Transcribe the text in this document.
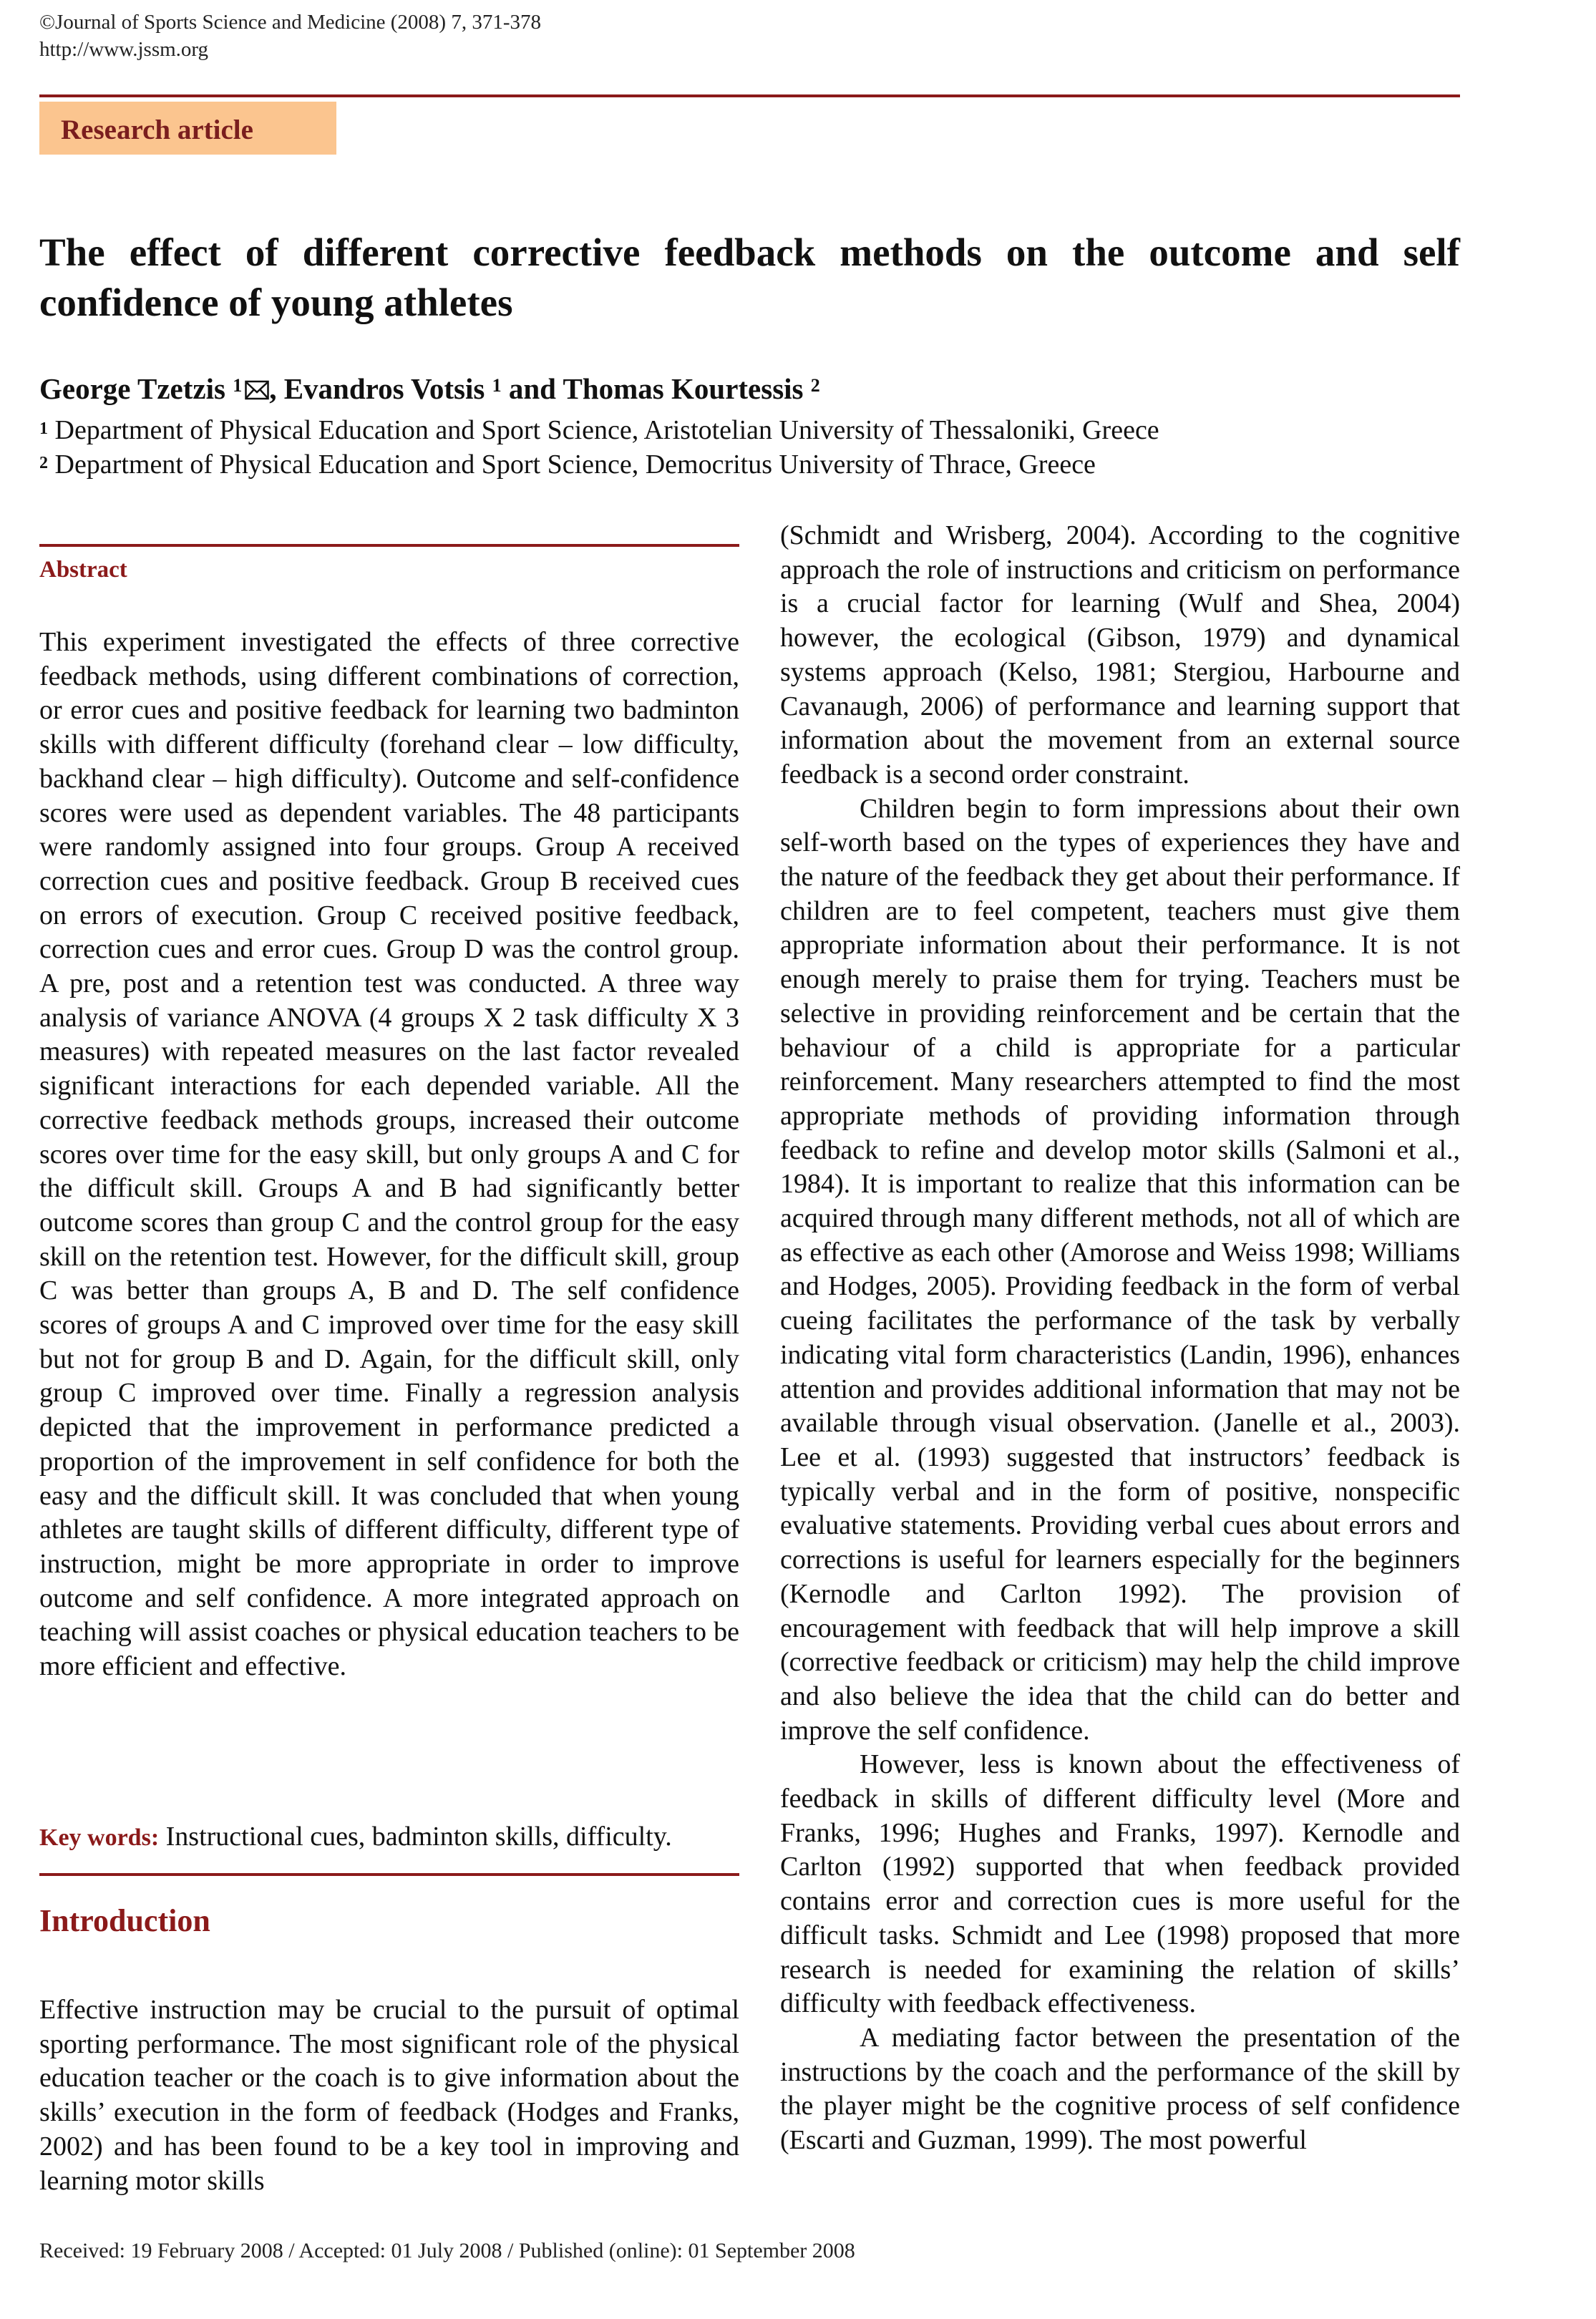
©Journal of Sports Science and Medicine (2008) 7, 371-378
http://www.jssm.org
Research article
The effect of different corrective feedback methods on the outcome and self confidence of young athletes
George Tzetzis $^1$ , Evandros Votsis $^1$ and Thomas Kourtessis $^2$
$^1$ Department of Physical Education and Sport Science, Aristotelian University of Thessaloniki, Greece
$^2$ Department of Physical Education and Sport Science, Democritus University of Thrace, Greece
Abstract
This experiment investigated the effects of three corrective feedback methods, using different combinations of correction, or error cues and positive feedback for learning two badminton skills with different difficulty (forehand clear – low difficulty, backhand clear – high difficulty). Outcome and self-confidence scores were used as dependent variables. The 48 participants were randomly assigned into four groups. Group A received correction cues and positive feedback. Group B received cues on errors of execution. Group C received positive feedback, correction cues and error cues. Group D was the control group. A pre, post and a retention test was conducted. A three way analysis of variance ANOVA (4 groups X 2 task difficulty X 3 measures) with repeated measures on the last factor revealed significant interactions for each depended variable. All the corrective feedback methods groups, increased their outcome scores over time for the easy skill, but only groups A and C for the difficult skill. Groups A and B had significantly better outcome scores than group C and the control group for the easy skill on the retention test. However, for the difficult skill, group C was better than groups A, B and D. The self confidence scores of groups A and C improved over time for the easy skill but not for group B and D. Again, for the difficult skill, only group C improved over time. Finally a regression analysis depicted that the improvement in performance predicted a proportion of the improvement in self confidence for both the easy and the difficult skill. It was concluded that when young athletes are taught skills of different difficulty, different type of instruction, might be more appropriate in order to improve outcome and self confidence. A more integrated approach on teaching will assist coaches or physical education teachers to be more efficient and effective.
Key words: Instructional cues, badminton skills, difficulty.
Introduction
Effective instruction may be crucial to the pursuit of optimal sporting performance. The most significant role of the physical education teacher or the coach is to give information about the skills’ execution in the form of feedback (Hodges and Franks, 2002) and has been found to be a key tool in improving and learning motor skills

(Schmidt and Wrisberg, 2004). According to the cognitive approach the role of instructions and criticism on performance is a crucial factor for learning (Wulf and Shea, 2004) however, the ecological (Gibson, 1979) and dynamical systems approach (Kelso, 1981; Stergiou, Harbourne and Cavanaugh, 2006) of performance and learning support that information about the movement from an external source feedback is a second order constraint.

Children begin to form impressions about their own self-worth based on the types of experiences they have and the nature of the feedback they get about their performance. If children are to feel competent, teachers must give them appropriate information about their performance. It is not enough merely to praise them for trying. Teachers must be selective in providing reinforcement and be certain that the behaviour of a child is appropriate for a particular reinforcement. Many researchers attempted to find the most appropriate methods of providing information through feedback to refine and develop motor skills (Salmoni et al., 1984). It is important to realize that this information can be acquired through many different methods, not all of which are as effective as each other (Amorose and Weiss 1998; Williams and Hodges, 2005). Providing feedback in the form of verbal cueing facilitates the performance of the task by verbally indicating vital form characteristics (Landin, 1996), enhances attention and provides additional information that may not be available through visual observation. (Janelle et al., 2003). Lee et al. (1993) suggested that instructors’ feedback is typically verbal and in the form of positive, nonspecific evaluative statements. Providing verbal cues about errors and corrections is useful for learners especially for the beginners (Kernodle and Carlton 1992). The provision of encouragement with feedback that will help improve a skill (corrective feedback or criticism) may help the child improve and also believe the idea that the child can do better and improve the self confidence.

However, less is known about the effectiveness of feedback in skills of different difficulty level (More and Franks, 1996; Hughes and Franks, 1997). Kernodle and Carlton (1992) supported that when feedback provided contains error and correction cues is more useful for the difficult tasks. Schmidt and Lee (1998) proposed that more research is needed for examining the relation of skills’ difficulty with feedback effectiveness.

A mediating factor between the presentation of the instructions by the coach and the performance of the skill by the player might be the cognitive process of self confidence (Escarti and Guzman, 1999). The most powerful

Received: 19 February 2008 / Accepted: 01 July 2008 / Published (online): 01 September 2008
